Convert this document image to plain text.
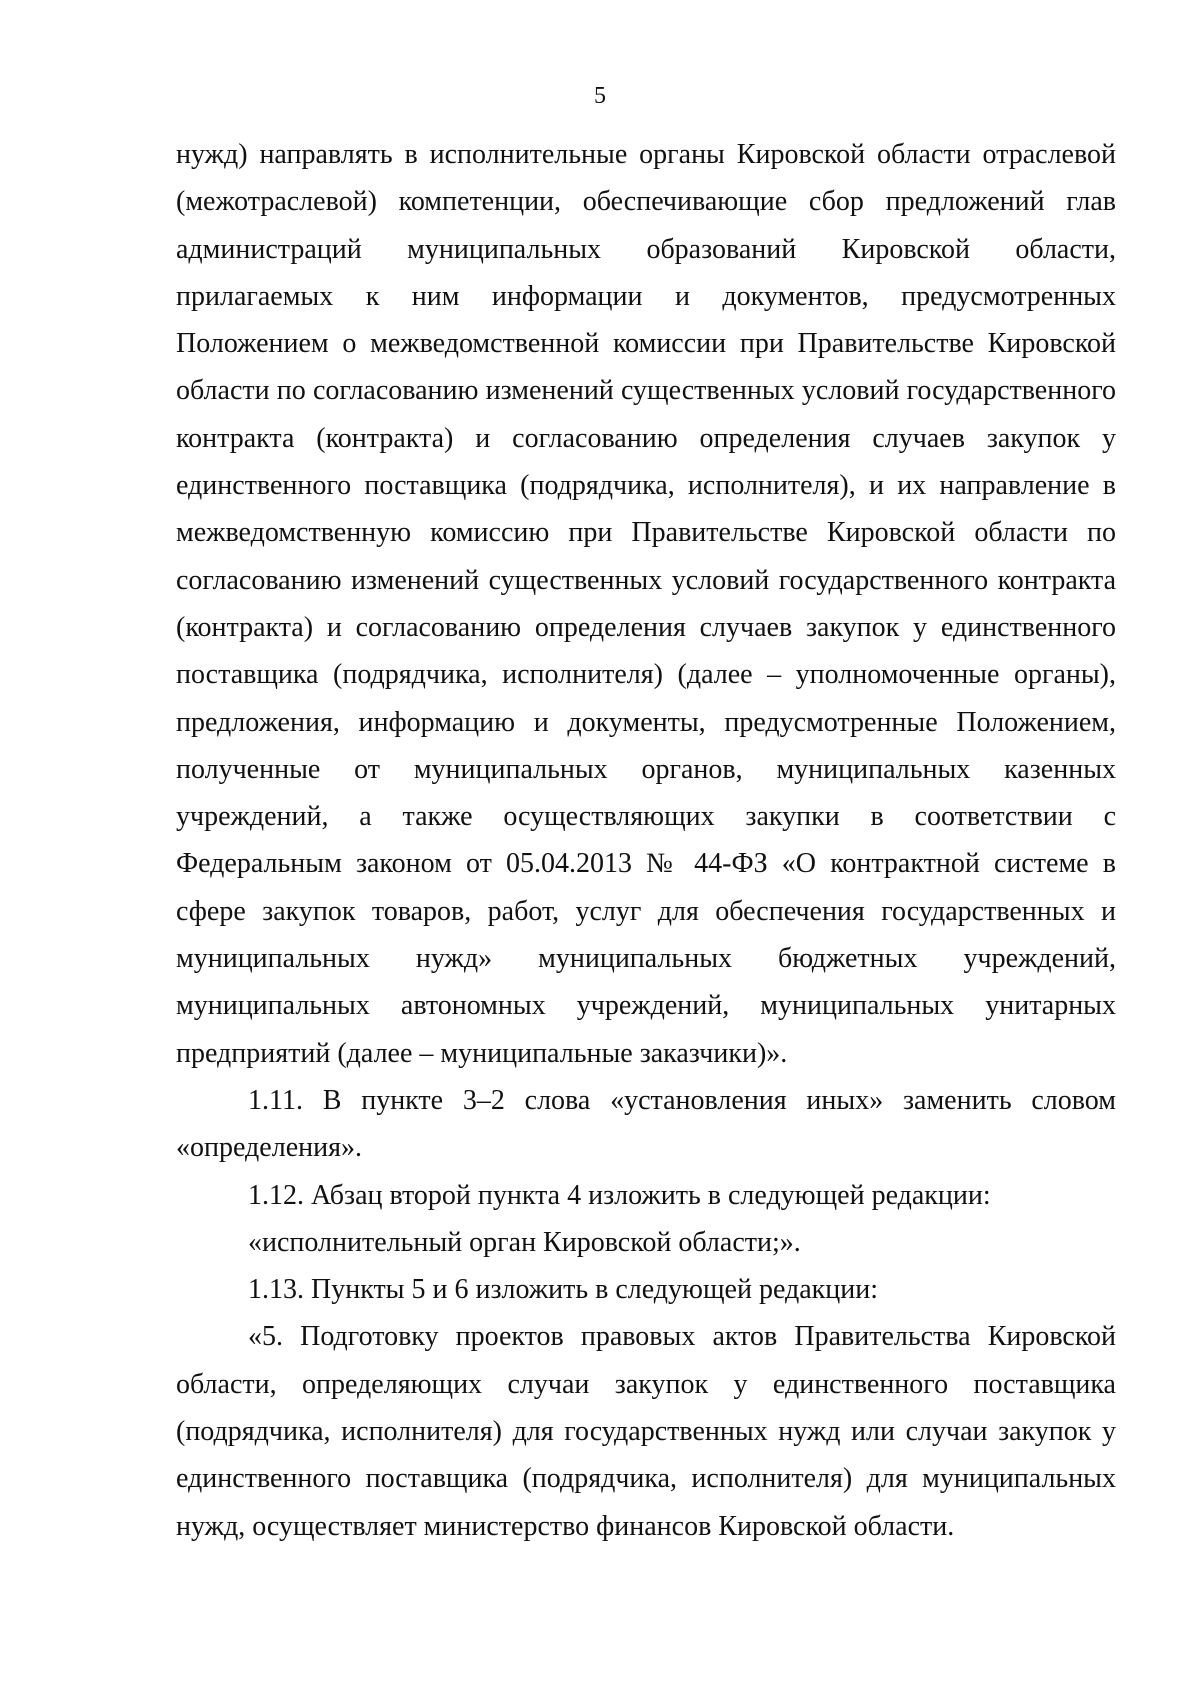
5

нужд) направлять в исполнительные органы Кировской области отраслевой (межотраслевой) компетенции, обеспечивающие сбор предложений глав администраций муниципальных образований Кировской области, прилагаемых к ним информации и документов, предусмотренных Положением о межведомственной комиссии при Правительстве Кировской области по согласованию изменений существенных условий государственного контракта (контракта) и согласованию определения случаев закупок у единственного поставщика (подрядчика, исполнителя), и их направление в межведомственную комиссию при Правительстве Кировской области по согласованию изменений существенных условий государственного контракта (контракта) и согласованию определения случаев закупок у единственного поставщика (подрядчика, исполнителя) (далее – уполномоченные органы), предложения, информацию и документы, предусмотренные Положением, полученные от муниципальных органов, муниципальных казенных учреждений, а также осуществляющих закупки в соответствии с Федеральным законом от 05.04.2013 № 44-ФЗ «О контрактной системе в сфере закупок товаров, работ, услуг для обеспечения государственных и муниципальных нужд» муниципальных бюджетных учреждений, муниципальных автономных учреждений, муниципальных унитарных предприятий (далее – муниципальные заказчики)».

1.11. В пункте 3–2 слова «установления иных» заменить словом «определения».

1.12. Абзац второй пункта 4 изложить в следующей редакции:

«исполнительный орган Кировской области;».

1.13. Пункты 5 и 6 изложить в следующей редакции:

«5. Подготовку проектов правовых актов Правительства Кировской области, определяющих случаи закупок у единственного поставщика (подрядчика, исполнителя) для государственных нужд или случаи закупок у единственного поставщика (подрядчика, исполнителя) для муниципальных нужд, осуществляет министерство финансов Кировской области.
